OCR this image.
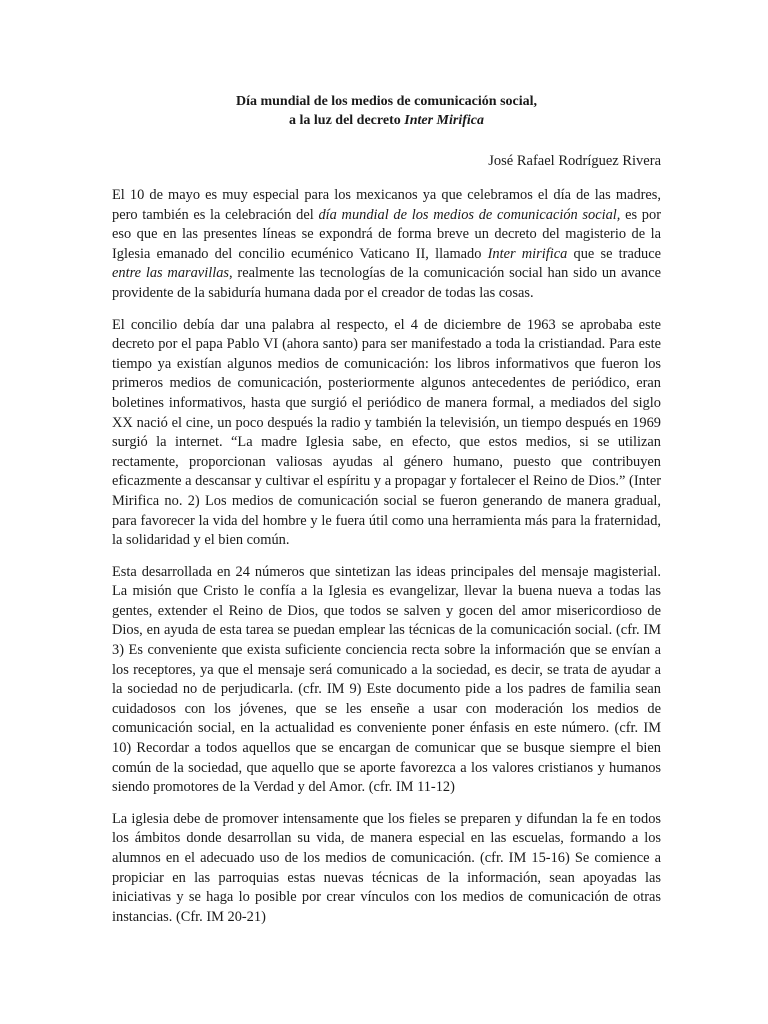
Día mundial de los medios de comunicación social,
a la luz del decreto Inter Mirifica

José Rafael Rodríguez Rivera

El 10 de mayo es muy especial para los mexicanos ya que celebramos el día de las madres, pero también es la celebración del día mundial de los medios de comunicación social, es por eso que en las presentes líneas se expondrá de forma breve un decreto del magisterio de la Iglesia emanado del concilio ecuménico Vaticano II, llamado Inter mirifica que se traduce entre las maravillas, realmente las tecnologías de la comunicación social han sido un avance providente de la sabiduría humana dada por el creador de todas las cosas.

El concilio debía dar una palabra al respecto, el 4 de diciembre de 1963 se aprobaba este decreto por el papa Pablo VI (ahora santo) para ser manifestado a toda la cristiandad. Para este tiempo ya existían algunos medios de comunicación: los libros informativos que fueron los primeros medios de comunicación, posteriormente algunos antecedentes de periódico, eran boletines informativos, hasta que surgió el periódico de manera formal, a mediados del siglo XX nació el cine, un poco después la radio y también la televisión, un tiempo después en 1969 surgió la internet. “La madre Iglesia sabe, en efecto, que estos medios, si se utilizan rectamente, proporcionan valiosas ayudas al género humano, puesto que contribuyen eficazmente a descansar y cultivar el espíritu y a propagar y fortalecer el Reino de Dios.” (Inter Mirifica no. 2) Los medios de comunicación social se fueron generando de manera gradual, para favorecer la vida del hombre y le fuera útil como una herramienta más para la fraternidad, la solidaridad y el bien común.

Esta desarrollada en 24 números que sintetizan las ideas principales del mensaje magisterial. La misión que Cristo le confía a la Iglesia es evangelizar, llevar la buena nueva a todas las gentes, extender el Reino de Dios, que todos se salven y gocen del amor misericordioso de Dios, en ayuda de esta tarea se puedan emplear las técnicas de la comunicación social. (cfr. IM 3) Es conveniente que exista suficiente conciencia recta sobre la información que se envían a los receptores, ya que el mensaje será comunicado a la sociedad, es decir, se trata de ayudar a la sociedad no de perjudicarla. (cfr. IM 9) Este documento pide a los padres de familia sean cuidadosos con los jóvenes, que se les enseñe a usar con moderación los medios de comunicación social, en la actualidad es conveniente poner énfasis en este número. (cfr. IM 10) Recordar a todos aquellos que se encargan de comunicar que se busque siempre el bien común de la sociedad, que aquello que se aporte favorezca a los valores cristianos y humanos siendo promotores de la Verdad y del Amor. (cfr. IM 11-12)

La iglesia debe de promover intensamente que los fieles se preparen y difundan la fe en todos los ámbitos donde desarrollan su vida, de manera especial en las escuelas, formando a los alumnos en el adecuado uso de los medios de comunicación. (cfr. IM 15-16) Se comience a propiciar en las parroquias estas nuevas técnicas de la información, sean apoyadas las iniciativas y se haga lo posible por crear vínculos con los medios de comunicación de otras instancias. (Cfr. IM 20-21)
